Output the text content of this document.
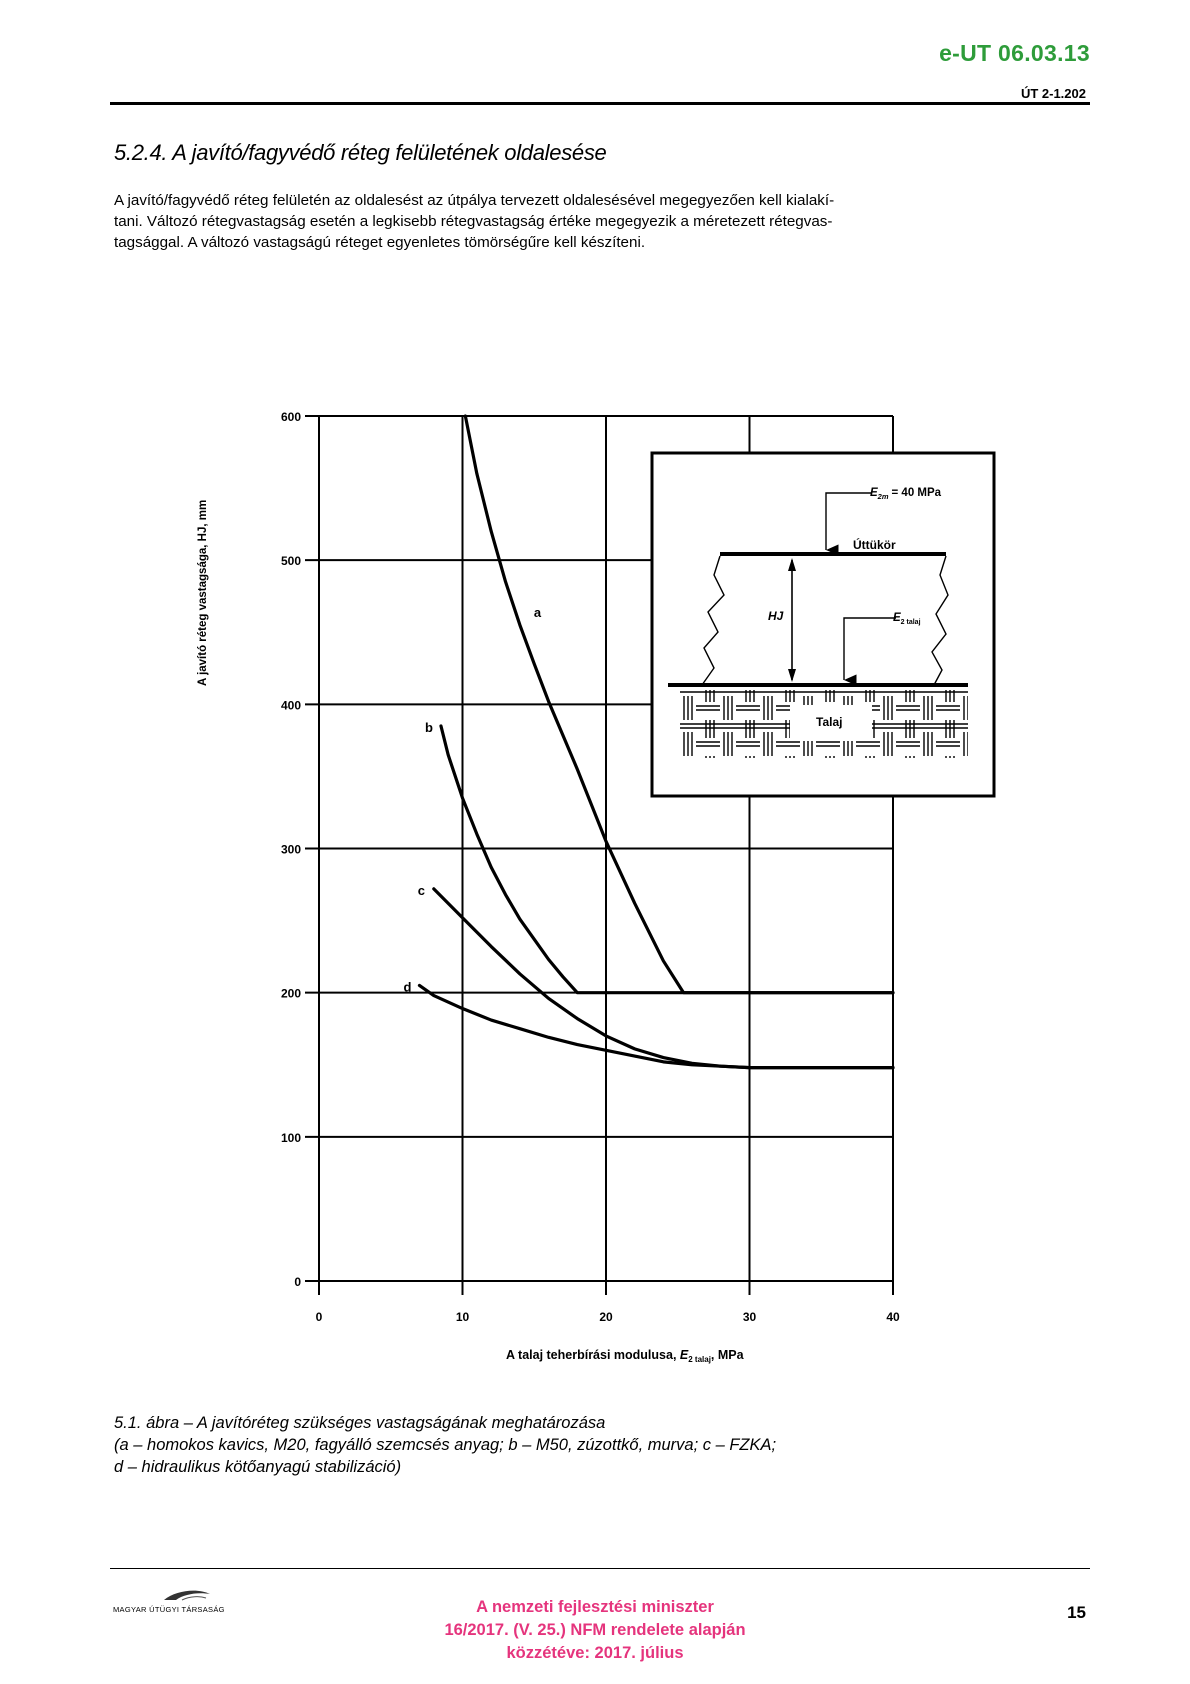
e-UT 06.03.13
ÚT 2-1.202
5.2.4. A javító/fagyvédő réteg felületének oldalesése

A javító/fagyvédő réteg felületén az oldalesést az útpálya tervezett oldalesésével megegyezően kell kialakí-

tani. Változó rétegvastagság esetén a legkisebb rétegvastagság értéke megegyezik a méretezett rétegvas-

tagsággal. A változó vastagságú réteget egyenletes tömörségűre kell készíteni.

0
100
200
300
400
500
600
0	10	20	30	40
A javító réteg vastagsága, HJ, mm
A talaj teherbírási modulusa, $E_{2 talaj}$, MPa
a
b
c
d
$E_{2m} = 40$ MPa
Úttükör
HJ	$E_{2 talaj}$
Talaj
5.1. ábra – A javítóréteg szükséges vastagságának meghatározása
(a – homokos kavics, M20, fagyálló szemcsés anyag; b – M50, zúzottkő, murva; c – FZKA;
d – hidraulikus kötőanyagú stabilizáció)
MAGYAR ÚTÜGYI TÁRSASÁG	A nemzeti fejlesztési miniszter
16/2017. (V. 25.) NFM rendelete alapján
közzétéve: 2017. július
15
